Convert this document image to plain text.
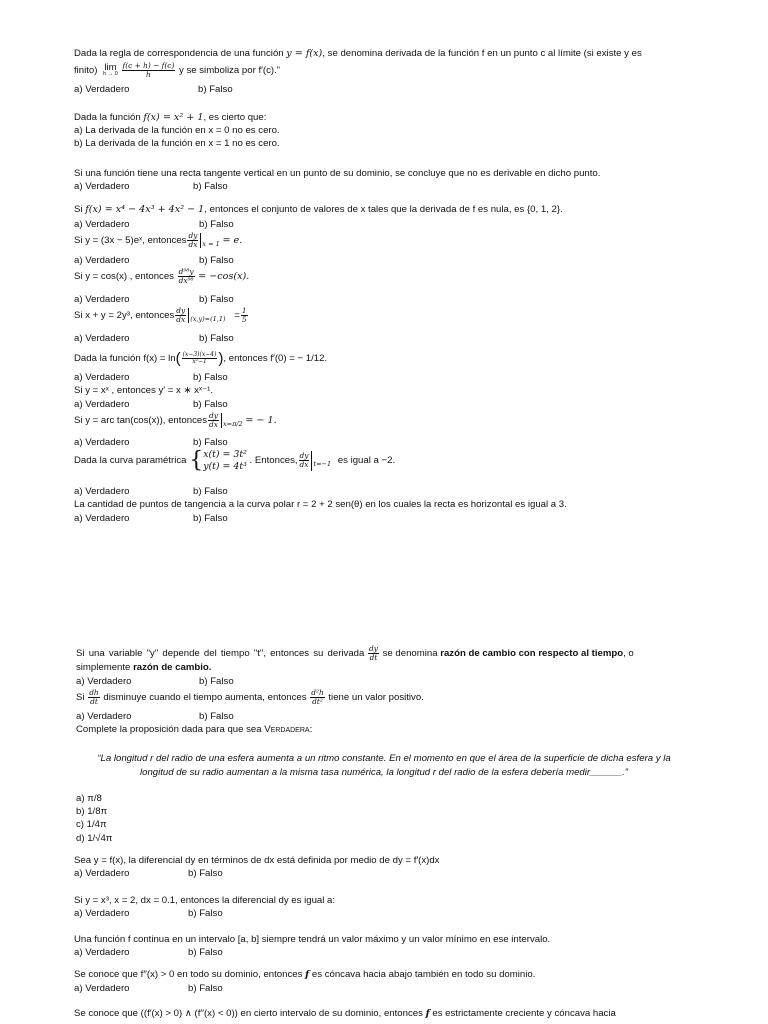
Dada la regla de correspondencia de una función y = f(x), se denomina derivada de la función f en un punto c al límite (si existe y es
finito) lim
h → 0
$\frac{f(c + h) - f(c)}{h}$ y se simboliza por f′(c).”
a) Verdadero	b) Falso
Dada la función f(x) = x² + 1, es cierto que:
a) La derivada de la función en x = 0 no es cero.
b) La derivada de la función en x = 1 no es cero.
Si una función tiene una recta tangente vertical en un punto de su dominio, se concluye que no es derivable en dicho punto.
a) Verdadero	b) Falso
Si f(x) = x⁴ − 4x³ + 4x² − 1, entonces el conjunto de valores de x tales que la derivada de f es nula, es {0, 1, 2}.
a) Verdadero	b) Falso
Si y = (3x − 5)eˣ, entonces $\frac{dy}{dx} _{x = 1} = e$.
a) Verdadero	b) Falso
Si y = cos(x) , entonces $\frac{\text{d⁹⁸y}}{\text{dx⁹⁸}} = -\cos(x)$.
a) Verdadero	b) Falso
Si x + y = 2y³, entonces $\frac{dy}{dx} _{(x,y)=(1,1)} = \frac{1}{5}$
a) Verdadero	b) Falso
Dada la función $f(x) = \ln( \frac{(x-3)(x-4)}{\text{x²−1}}$ ), entonces f′(0) = − 1/12.
a) Verdadero	b) Falso
Si y = xˣ , entonces y′ = x ∗ xˣ⁻¹.
a) Verdadero	b) Falso
Si y = arc tan(cos(x)), entonces $\frac{dy}{dx} _{x=\pi/2}$ = − 1.
a) Verdadero	b) Falso
Dada la curva paramétrica { x(t) = 3t²
y(t) = 4t³ . Entonces, $\frac{dy}{dx} _{t=-1}$ es igual a −2.
a) Verdadero	b) Falso
La cantidad de puntos de tangencia a la curva polar r = 2 + 2 sen(θ) en los cuales la recta es horizontal es igual a 3.
a) Verdadero	b) Falso
Si una variable "y" depende del tiempo "t", entonces su derivada $\frac{dy}{dt}$ se denomina razón de cambio con respecto al tiempo, o
simplemente razón de cambio.
a) Verdadero	b) Falso
Si $\frac{dh}{dt}$ disminuye cuando el tiempo aumenta, entonces $\frac{\text{d²h}}{\text{dt²}}$ tiene un valor positivo.
a) Verdadero	b) Falso
Complete la proposición dada para que sea Verdadera:
“La longitud r del radio de una esfera aumenta a un ritmo constante. En el momento en que el área de la superficie de dicha esfera y la
longitud de su radio aumentan a la misma tasa numérica, la longitud r del radio de la esfera debería medir______.”
a) π/8
b) 1/8π
c) 1/4π
d) 1/√4π
Sea y = f(x), la diferencial dy en términos de dx está definida por medio de dy = f′(x)dx
a) Verdadero	b) Falso
Si y = x³, x = 2, dx = 0.1, entonces la diferencial dy es igual a:
a) Verdadero	b) Falso
Una función f continua en un intervalo [a, b] siempre tendrá un valor máximo y un valor mínimo en ese intervalo.
a) Verdadero	b) Falso
Se conoce que f′′(x) > 0 en todo su dominio, entonces f es cóncava hacia abajo también en todo su dominio.
a) Verdadero	b) Falso
Se conoce que ((f′(x) > 0) ∧ (f′′(x) < 0)) en cierto intervalo de su dominio, entonces f es estrictamente creciente y cóncava hacia
